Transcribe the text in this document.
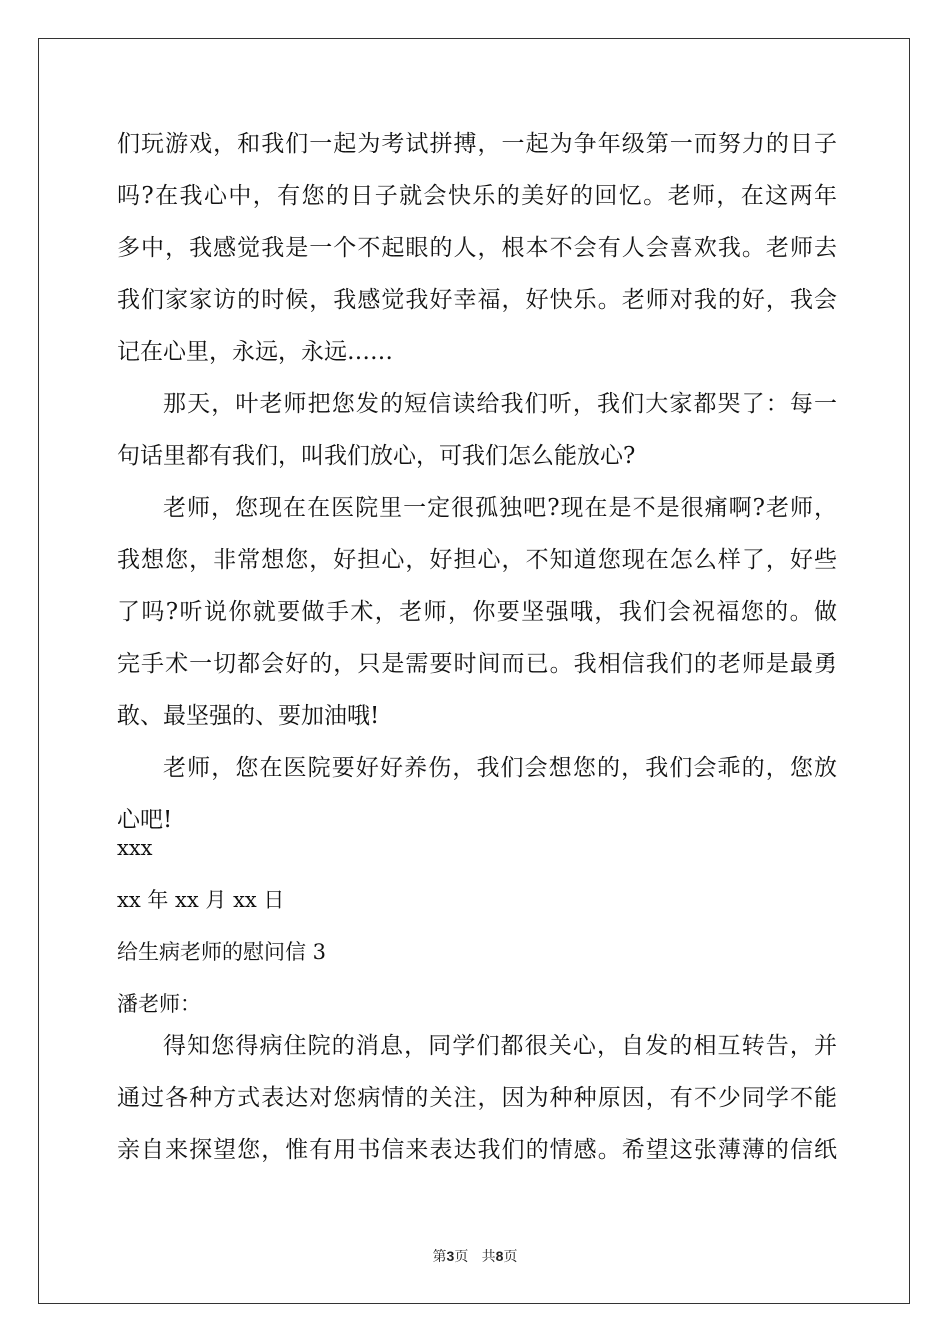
们玩游戏，和我们一起为考试拼搏，一起为争年级第一而努力的日子
吗?在我心中，有您的日子就会快乐的美好的回忆。老师，在这两年
多中，我感觉我是一个不起眼的人，根本不会有人会喜欢我。老师去
我们家家访的时候，我感觉我好幸福，好快乐。老师对我的好，我会
记在心里，永远，永远……
那天，叶老师把您发的短信读给我们听，我们大家都哭了：每一
句话里都有我们，叫我们放心，可我们怎么能放心?
老师，您现在在医院里一定很孤独吧?现在是不是很痛啊?老师，
我想您，非常想您，好担心，好担心，不知道您现在怎么样了，好些
了吗?听说你就要做手术，老师，你要坚强哦，我们会祝福您的。做
完手术一切都会好的，只是需要时间而已。我相信我们的老师是最勇
敢、最坚强的、要加油哦!
老师，您在医院要好好养伤，我们会想您的，我们会乖的，您放
心吧!
xxx
xx 年 xx 月 xx 日
给生病老师的慰问信 3
潘老师：
得知您得病住院的消息，同学们都很关心，自发的相互转告，并
通过各种方式表达对您病情的关注，因为种种原因，有不少同学不能
亲自来探望您，惟有用书信来表达我们的情感。希望这张薄薄的信纸
第3页   共8页
